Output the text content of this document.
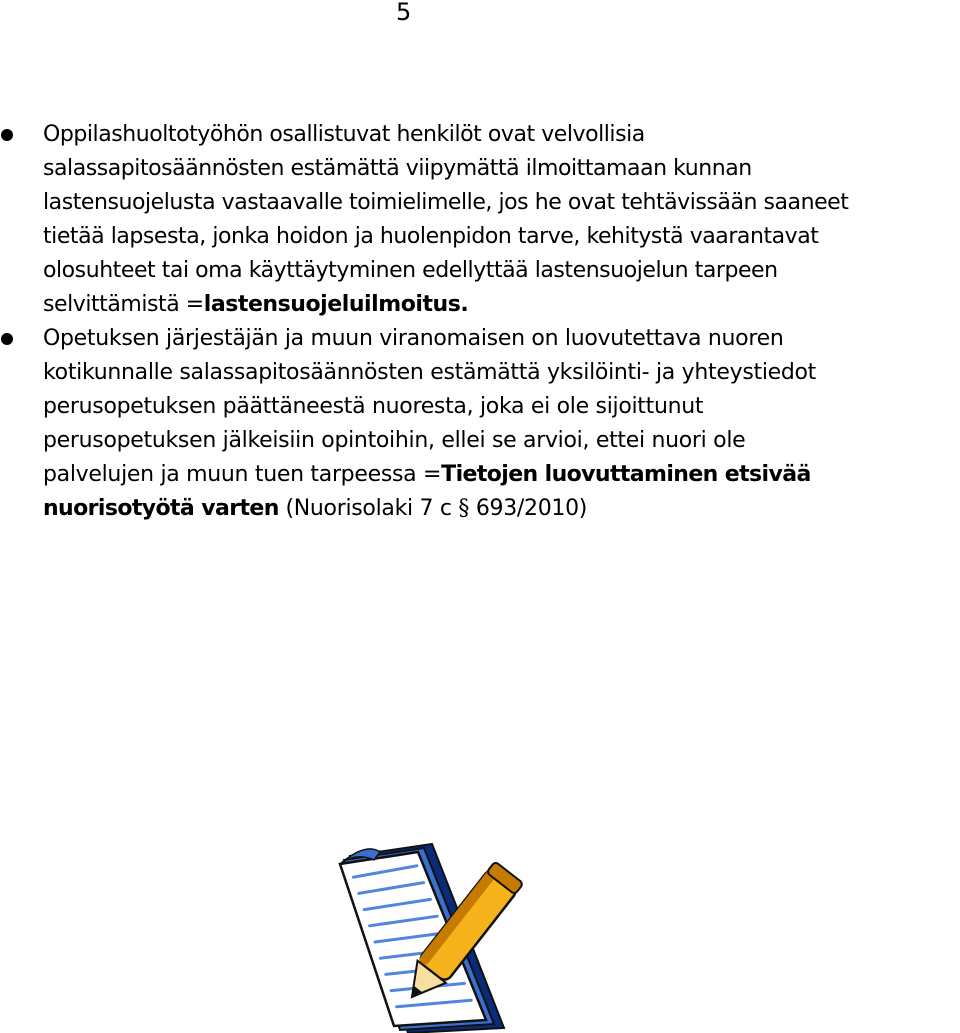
5
Oppilashuoltotyöhön osallistuvat henkilöt ovat velvollisia
salassapitosäännösten estämättä viipymättä ilmoittamaan kunnan
lastensuojelusta vastaavalle toimielimelle, jos he ovat tehtävissään saaneet
tietää lapsesta, jonka hoidon ja huolenpidon tarve, kehitystä vaarantavat
olosuhteet tai oma käyttäytyminen edellyttää lastensuojelun tarpeen
selvittämistä =lastensuojeluilmoitus.
Opetuksen järjestäjän ja muun viranomaisen on luovutettava nuoren
kotikunnalle salassapitosäännösten estämättä yksilöinti- ja yhteystiedot
perusopetuksen päättäneestä nuoresta, joka ei ole sijoittunut
perusopetuksen jälkeisiin opintoihin, ellei se arvioi, ettei nuori ole
palvelujen ja muun tuen tarpeessa =Tietojen luovuttaminen etsivää
nuorisotyötä varten (Nuorisolaki 7 c § 693/2010)
